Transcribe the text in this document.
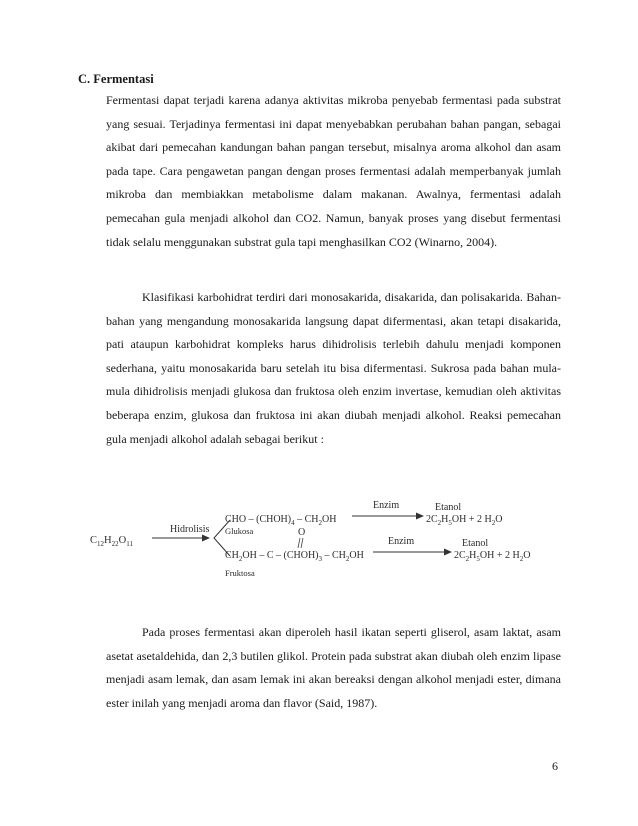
C. Fermentasi

Fermentasi dapat terjadi karena adanya aktivitas mikroba penyebab fermentasi pada substrat yang sesuai. Terjadinya fermentasi ini dapat menyebabkan perubahan bahan pangan, sebagai akibat dari pemecahan kandungan bahan pangan tersebut, misalnya aroma alkohol dan asam pada tape. Cara pengawetan pangan dengan proses fermentasi adalah memperbanyak jumlah mikroba dan membiakkan metabolisme dalam makanan. Awalnya, fermentasi adalah pemecahan gula menjadi alkohol dan CO2. Namun, banyak proses yang disebut fermentasi tidak selalu menggunakan substrat gula tapi menghasilkan CO2 (Winarno, 2004).

Klasifikasi karbohidrat terdiri dari monosakarida, disakarida, dan polisakarida. Bahan-bahan yang mengandung monosakarida langsung dapat difermentasi, akan tetapi disakarida, pati ataupun karbohidrat kompleks harus dihidrolisis terlebih dahulu menjadi komponen sederhana, yaitu monosakarida baru setelah itu bisa difermentasi. Sukrosa pada bahan mula-mula dihidrolisis menjadi glukosa dan fruktosa oleh enzim invertase, kemudian oleh aktivitas beberapa enzim, glukosa dan fruktosa ini akan diubah menjadi alkohol. Reaksi pemecahan gula menjadi alkohol adalah sebagai berikut :

$C_{12}H_{22}O_{11}$
Hidrolisis
CHO – $(CHOH)_4 - CH_2OH$
Glukosa	O
$CH_2OH$ – C – $(CHOH)_3 - CH_2OH$
Fruktosa
Enzim	Etanol
$2C_2H_5OH + 2$ $H_2O$
Enzim	Etanol
$2C_2H_5OH + 2$ $H_2O$

Pada proses fermentasi akan diperoleh hasil ikatan seperti gliserol, asam laktat, asam asetat asetaldehida, dan 2,3 butilen glikol. Protein pada substrat akan diubah oleh enzim lipase menjadi asam lemak, dan asam lemak ini akan bereaksi dengan alkohol menjadi ester, dimana ester inilah yang menjadi aroma dan flavor (Said, 1987).

6
